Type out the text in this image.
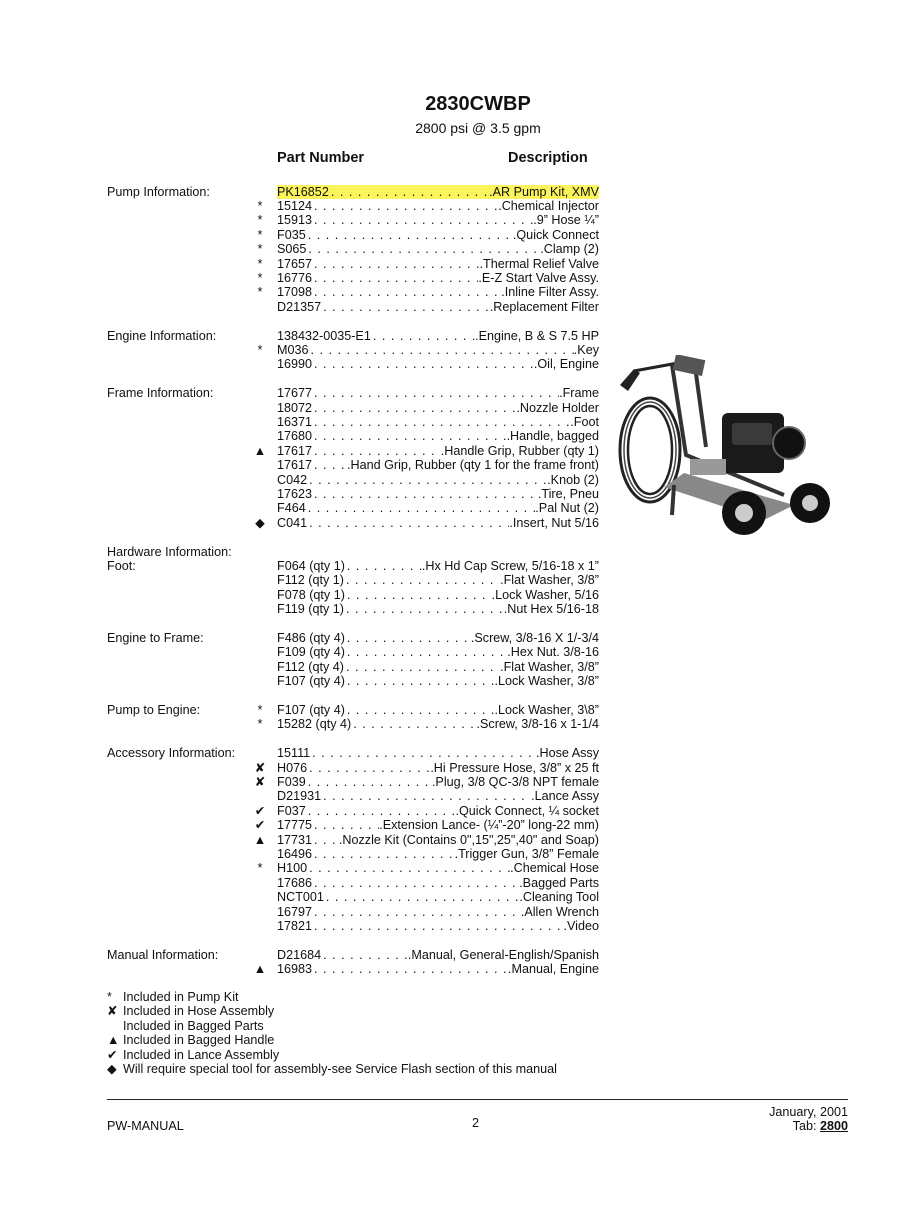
2830CWBP
2800 psi @ 3.5 gpm
Part Number	Description
Pump Information:	PK16852 . . .	.AR Pump Kit, XMV
*	15124 . . .	.Chemical Injector
*	15913 . . .	.9” Hose ¼”
*	F035 . . .	.Quick Connect
*	S065 . . .	.Clamp (2)
*	17657 . . .	.Thermal Relief Valve
*	16776 . . .	.E-Z Start Valve Assy.
*	17098 . . .	.Inline Filter Assy.
D21357 . . .	.Replacement Filter
Engine Information:	138432-0035-E1 . . .	.Engine, B & S 7.5 HP
*	M036 . . .	.Key
16990 . . .	.Oil, Engine
Frame Information:	17677 . . .	.Frame
18072 . . .	.Nozzle Holder
16371 . . .	.Foot
17680 . . .	.Handle, bagged
▲ 17617 . . .	.Handle Grip, Rubber (qty 1)
17617 . . .	.Hand Grip, Rubber (qty 1 for the frame front)
C042 . . .	.Knob (2)
17623 . . .	.Tire, Pneu
F464 . . .	.Pal Nut (2)
◆ C041 . . .	.Insert, Nut 5/16
Hardware Information:
Foot:	F064 (qty 1) . . .	.Hx Hd Cap Screw, 5/16-18 x 1”
F112 (qty 1) . . .	.Flat Washer, 3/8”
F078 (qty 1) . . .	.Lock Washer, 5/16
F119 (qty 1) . . .	.Nut Hex 5/16-18
Engine to Frame:	F486 (qty 4) . . .	.Screw, 3/8-16 X 1/-3/4
F109 (qty 4) . . .	.Hex Nut. 3/8-16
F112 (qty 4) . . .	.Flat Washer, 3/8”
F107 (qty 4) . . .	.Lock Washer, 3/8”
Pump to Engine:	*	F107 (qty 4) . . .	.Lock Washer, 3\8”
*	15282 (qty 4) . . .	.Screw, 3/8-16 x 1-1/4
Accessory Information:	15111 . . .	.Hose Assy
✘ H076 . . .	.Hi Pressure Hose, 3/8” x 25 ft
✘ F039 . . .	.Plug, 3/8 QC-3/8 NPT female
D21931 . . .	.Lance Assy
✔ F037 . . .	.Quick Connect, ¼ socket
✔ 17775 . . .	.Extension Lance- (¼”-20” long-22 mm)
▲ 17731 . . . .Nozzle Kit (Contains 0",15",25",40" and Soap)
16496 . . .	.Trigger Gun, 3/8” Female
*	H100 . . .	.Chemical Hose
17686 . . .	.Bagged Parts
NCT001 . . .	.Cleaning Tool
16797 . . .	.Allen Wrench
17821 . . .	.Video
Manual Information:	D21684 . . .	.Manual, General-English/Spanish
▲ 16983 . . .	.Manual, Engine
* Included in Pump Kit
✘ Included in Hose Assembly
Included in Bagged Parts
▲ Included in Bagged Handle
✔ Included in Lance Assembly
◆ Will require special tool for assembly-see Service Flash section of this manual
PW-MANUAL	2
January, 2001
Tab: 2800
